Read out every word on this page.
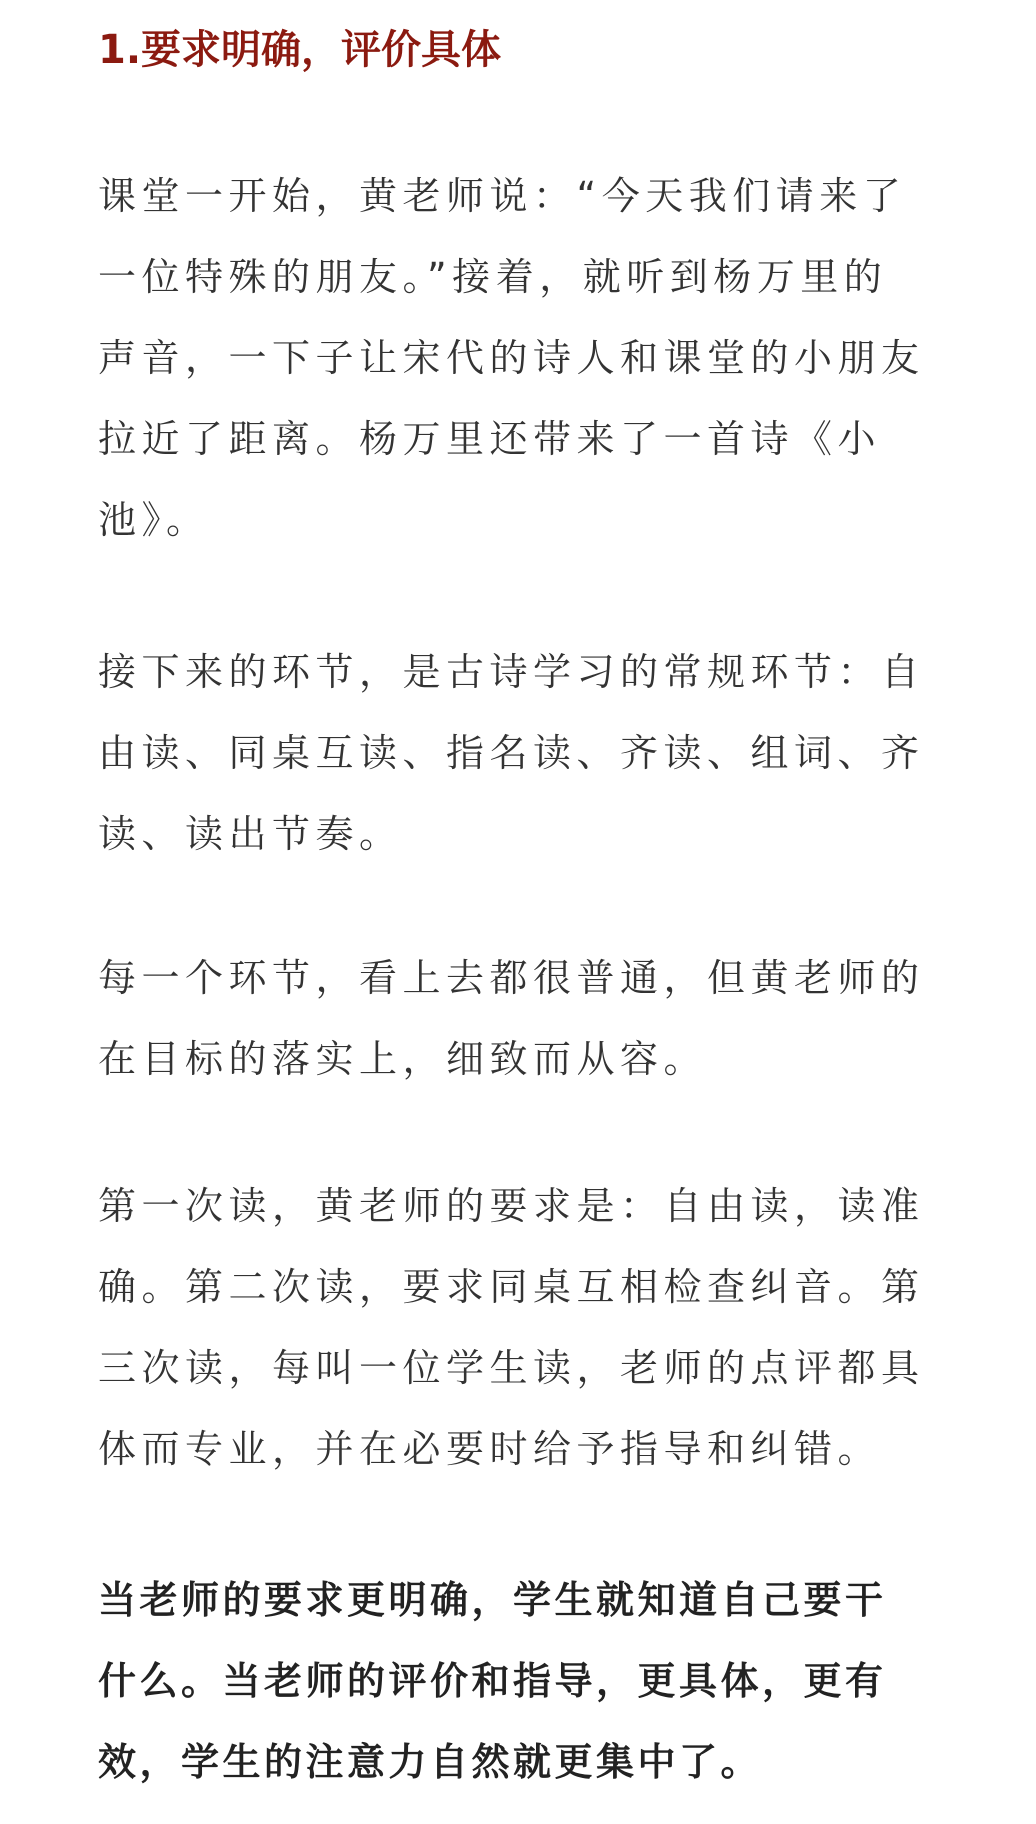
1.要求明确，评价具体

课堂一开始，黄老师说：“今天我们请来了
一位特殊的朋友。”接着，就听到杨万里的
声音，一下子让宋代的诗人和课堂的小朋友
拉近了距离。杨万里还带来了一首诗《小
池》。

接下来的环节，是古诗学习的常规环节：自
由读、同桌互读、指名读、齐读、组词、齐
读、读出节奏。

每一个环节，看上去都很普通，但黄老师的
在目标的落实上，细致而从容。

第一次读，黄老师的要求是：自由读，读准
确。第二次读，要求同桌互相检查纠音。第
三次读，每叫一位学生读，老师的点评都具
体而专业，并在必要时给予指导和纠错。

当老师的要求更明确，学生就知道自己要干
什么。当老师的评价和指导，更具体，更有
效，学生的注意力自然就更集中了。
